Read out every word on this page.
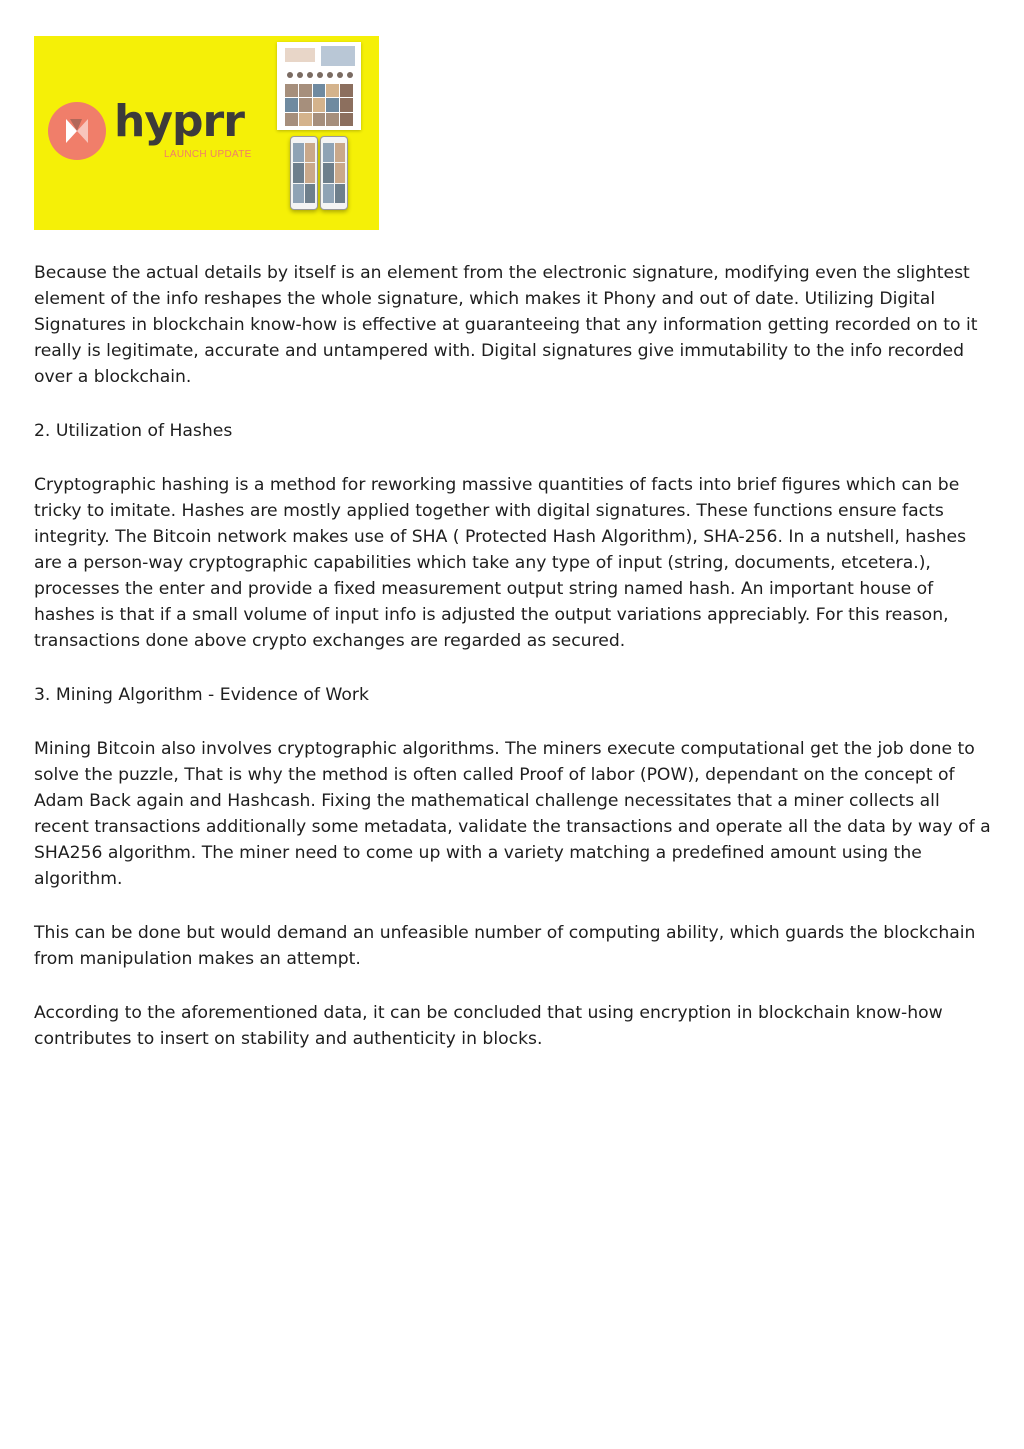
hyprr
LAUNCH UPDATE

Because the actual details by itself is an element from the electronic signature, modifying even the slightest element of the info reshapes the whole signature, which makes it Phony and out of date. Utilizing Digital Signatures in blockchain know-how is effective at guaranteeing that any information getting recorded on to it really is legitimate, accurate and untampered with. Digital signatures give immutability to the info recorded over a blockchain.

2. Utilization of Hashes

Cryptographic hashing is a method for reworking massive quantities of facts into brief figures which can be tricky to imitate. Hashes are mostly applied together with digital signatures. These functions ensure facts integrity. The Bitcoin network makes use of SHA ( Protected Hash Algorithm), SHA-256. In a nutshell, hashes are a person-way cryptographic capabilities which take any type of input (string, documents, etcetera.), processes the enter and provide a fixed measurement output string named hash. An important house of hashes is that if a small volume of input info is adjusted the output variations appreciably. For this reason, transactions done above crypto exchanges are regarded as secured.

3. Mining Algorithm - Evidence of Work

Mining Bitcoin also involves cryptographic algorithms. The miners execute computational get the job done to solve the puzzle, That is why the method is often called Proof of labor (POW), dependant on the concept of Adam Back again and Hashcash. Fixing the mathematical challenge necessitates that a miner collects all recent transactions additionally some metadata, validate the transactions and operate all the data by way of a SHA256 algorithm. The miner need to come up with a variety matching a predefined amount using the algorithm.

This can be done but would demand an unfeasible number of computing ability, which guards the blockchain from manipulation makes an attempt.

According to the aforementioned data, it can be concluded that using encryption in blockchain know-how contributes to insert on stability and authenticity in blocks.
